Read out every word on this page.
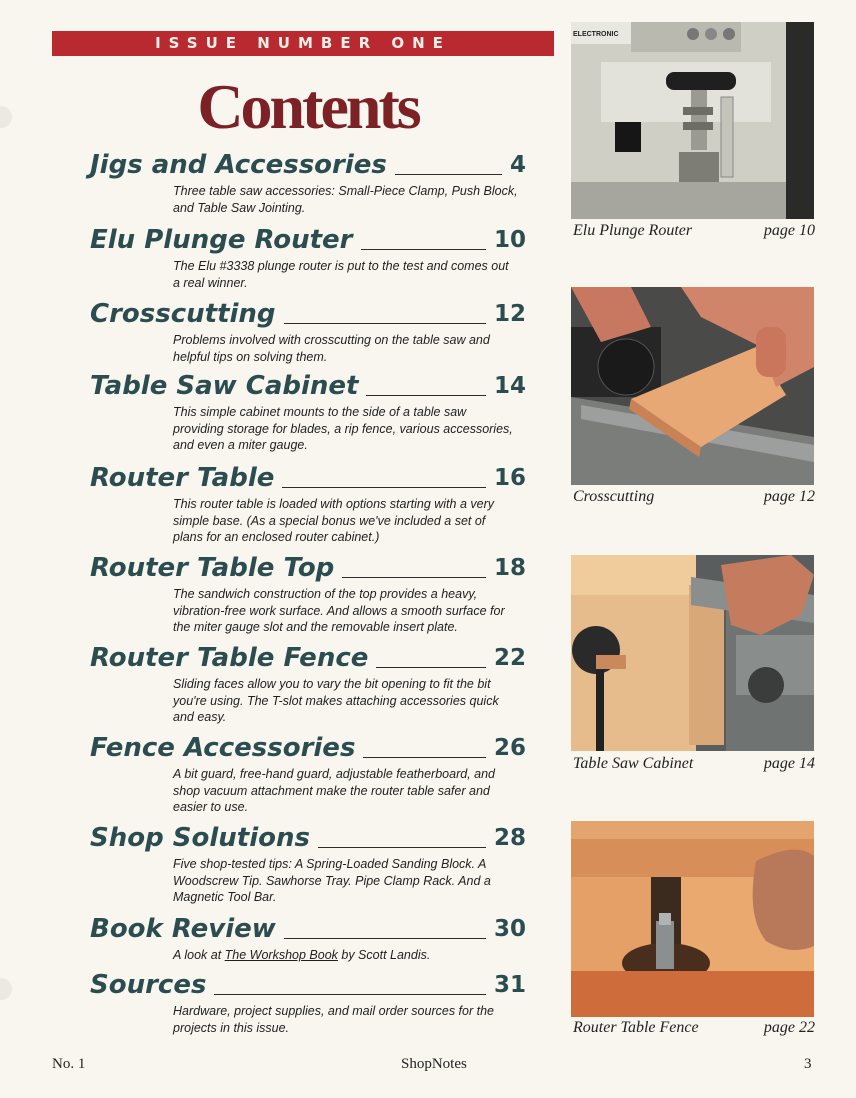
ISSUE NUMBER ONE
Contents
Jigs and Accessories	4
Three table saw accessories: Small-Piece Clamp, Push Block, and Table Saw Jointing.
Elu Plunge Router	10
The Elu #3338 plunge router is put to the test and comes out a real winner.
Crosscutting	12
Problems involved with crosscutting on the table saw and helpful tips on solving them.
Table Saw Cabinet	14
This simple cabinet mounts to the side of a table saw providing storage for blades, a rip fence, various accessories, and even a miter gauge.
Router Table	16
This router table is loaded with options starting with a very simple base. (As a special bonus we've included a set of plans for an enclosed router cabinet.)
Router Table Top	18
The sandwich construction of the top provides a heavy, vibration-free work surface. And allows a smooth surface for the miter gauge slot and the removable insert plate.
Router Table Fence	22
Sliding faces allow you to vary the bit opening to fit the bit you're using. The T-slot makes attaching accessories quick and easy.
Fence Accessories	26
A bit guard, free-hand guard, adjustable featherboard, and shop vacuum attachment make the router table safer and easier to use.
Shop Solutions	28
Five shop-tested tips: A Spring-Loaded Sanding Block. A Woodscrew Tip. Sawhorse Tray. Pipe Clamp Rack. And a Magnetic Tool Bar.
Book Review	30
A look at The Workshop Book by Scott Landis.
Sources	31
Hardware, project supplies, and mail order sources for the projects in this issue.
ELECTRONIC
Elu Plunge Router	page 10
Crosscutting	page 12
Table Saw Cabinet	page 14
Router Table Fence	page 22
No. 1	ShopNotes	3
